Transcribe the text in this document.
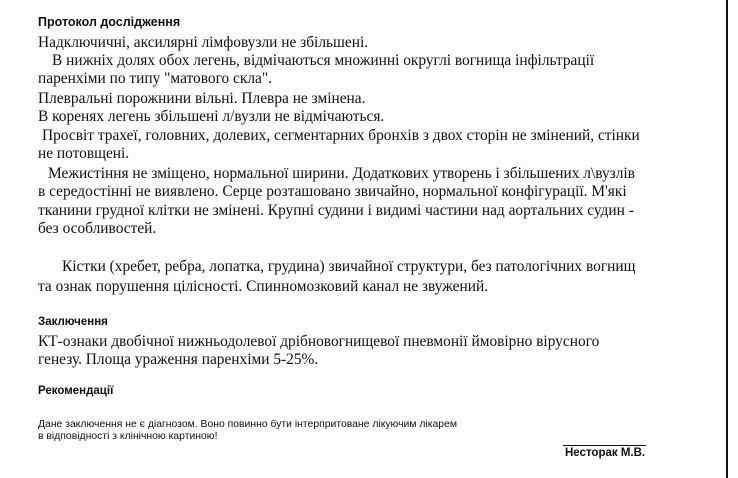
Протокол дослідження
Надключичні, аксилярні лімфовузли не збільшені.
В нижніх долях обох легень, відмічаються множинні округлі вогнища інфільтрації
паренхіми по типу "матового скла".
Плевральні порожнини вільні. Плевра не змінена.
В коренях легень збільшені л/вузли не відмічаються.
Просвіт трахеї, головних, долевих, сегментарних бронхів з двох сторін не змінений, стінки
не потовщені.
Межистіння не зміщено, нормальної ширини. Додаткових утворень і збільшених л\вузлів
в середостінні не виявлено. Серце розташовано звичайно, нормальної конфігурації. М'які
тканини грудної клітки не змінені. Крупні судини і видимі частини над аортальних судин -
без особливостей.
Кістки (хребет, ребра, лопатка, грудина) звичайної структури, без патологічних вогнищ
та ознак порушення цілісності. Спинномозковий канал не звужений.
Заключення
КТ-ознаки двобічної нижньодолевої дрібновогнищевої пневмонії ймовірно вірусного
генезу. Площа ураження паренхіми 5-25%.
Рекомендації
Дане заключення не є діагнозом. Воно повинно бути інтерпритоване лікуючим лікарем
в відповідності з клінічною картиною!
Несторак М.В.
